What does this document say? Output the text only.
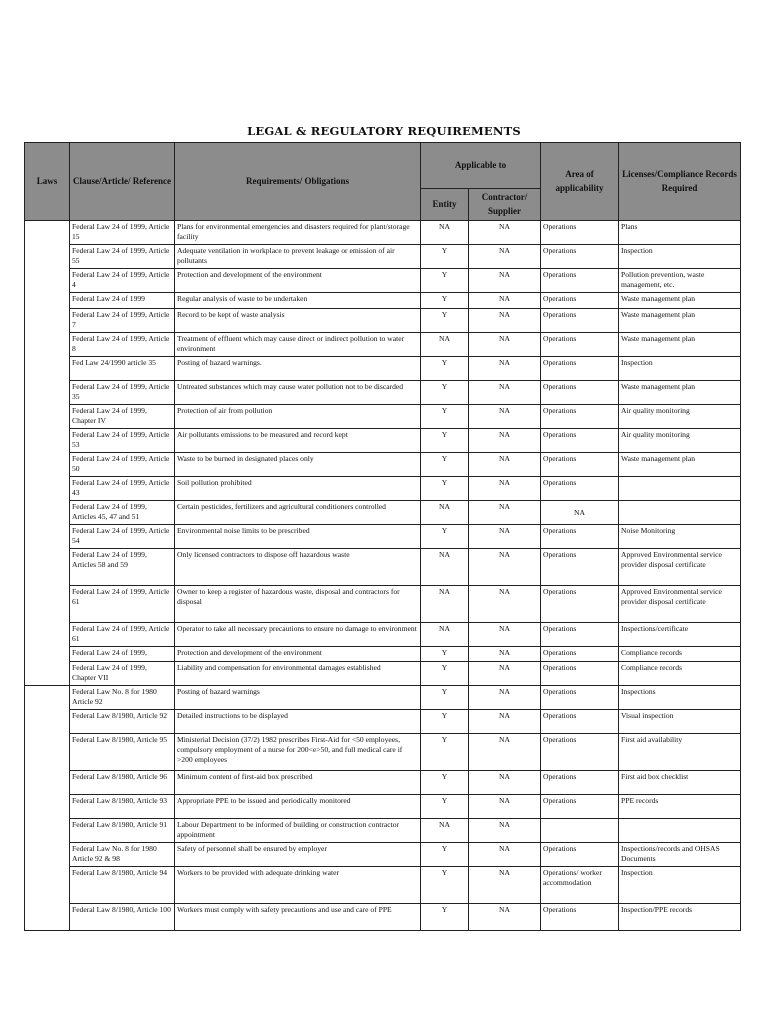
LEGAL & REGULATORY REQUIREMENTS
Laws	Clause/Article/ Reference	Requirements/ Obligations	Applicable to		Area of applicability	Licenses/Compliance Records Required
			Entity	Contractor/ Supplier		
	Federal Law 24 of 1999, Article 15	Plans for environmental emergencies and disasters required for plant/storage facility	NA	NA	Operations	Plans
	Federal Law 24 of 1999, Article 55	Adequate ventilation in workplace to prevent leakage or emission of air pollutants	Y	NA	Operations	Inspection
	Federal Law 24 of 1999, Article 4	Protection and development of the environment	Y	NA	Operations	Pollution prevention, waste management, etc.
	Federal Law 24 of 1999	Regular analysis of waste to be undertaken	Y	NA	Operations	Waste management plan
	Federal Law 24 of 1999, Article 7	Record to be kept of waste analysis	Y	NA	Operations	Waste management plan
	Federal Law 24 of 1999, Article 8	Treatment of effluent which may cause direct or indirect pollution to water environment	NA	NA	Operations	Waste management plan
	Fed Law 24/1990 article 35	Posting of hazard warnings.	Y	NA	Operations	Inspection
	Federal Law 24 of 1999, Article 35	Untreated substances which may cause water pollution not to be discarded	Y	NA	Operations	Waste management plan
	Federal Law 24 of 1999, Chapter IV	Protection of air from pollution	Y	NA	Operations	Air quality monitoring
	Federal Law 24 of 1999, Article 53	Air pollutants emissions to be measured and record kept	Y	NA	Operations	Air quality monitoring
	Federal Law 24 of 1999, Article 50	Waste to be burned in designated places only	Y	NA	Operations	Waste management plan
	Federal Law 24 of 1999, Article 43	Soil pollution prohibited	Y	NA	Operations	
	Federal Law 24 of 1999, Articles 45, 47 and 51	Certain pesticides, fertilizers and agricultural conditioners controlled	NA	NA	NA	
	Federal Law 24 of 1999, Article 54	Environmental noise limits to be prescribed	Y	NA	Operations	Noise Monitoring
	Federal Law 24 of 1999, Articles 58 and 59	Only licensed contractors to dispose off hazardous waste	NA	NA	Operations	Approved Environmental service provider disposal certificate
	Federal Law 24 of 1999, Article 61	Owner to keep a register of hazardous waste, disposal and contractors for disposal	NA	NA	Operations	Approved Environmental service provider disposal certificate
	Federal Law 24 of 1999, Article 61	Operator to take all necessary precautions to ensure no damage to environment	NA	NA	Operations	Inspections/certificate
	Federal Law 24 of 1999,	Protection and development of the environment	Y	NA	Operations	Compliance records
	Federal Law 24 of 1999, Chapter VII	Liability and compensation for environmental damages established	Y	NA	Operations	Compliance records
	Federal Law No. 8 for 1980 Article 92	Posting of hazard warnings	Y	NA	Operations	Inspections
	Federal Law 8/1980, Article 92	Detailed instructions to be displayed	Y	NA	Operations	Visual inspection
	Federal Law 8/1980, Article 95	Ministerial Decision (37/2) 1982 prescribes First-Aid for <50 employees, compulsory employment of a nurse for 200<e>50, and full medical care if >200 employees	Y	NA	Operations	First aid availability
	Federal Law 8/1980, Article 96	Minimum content of first-aid box prescribed	Y	NA	Operations	First aid box checklist
	Federal Law 8/1980, Article 93	Appropriate PPE to be issued and periodically monitored	Y	NA	Operations	PPE records
	Federal Law 8/1980, Article 91	Labour Department to be informed of building or construction contractor appointment	NA	NA		
	Federal Law No. 8 for 1980 Article 92 & 98	Safety of personnel shall be ensured by employer	Y	NA	Operations	Inspections/records and OHSAS Documents
	Federal Law 8/1980, Article 94	Workers to be provided with adequate drinking water	Y	NA	Operations/ worker accommodation	Inspection
	Federal Law 8/1980, Article 100	Workers must comply with safety precautions and use and care of PPE	Y	NA	Operations	Inspection/PPE records
